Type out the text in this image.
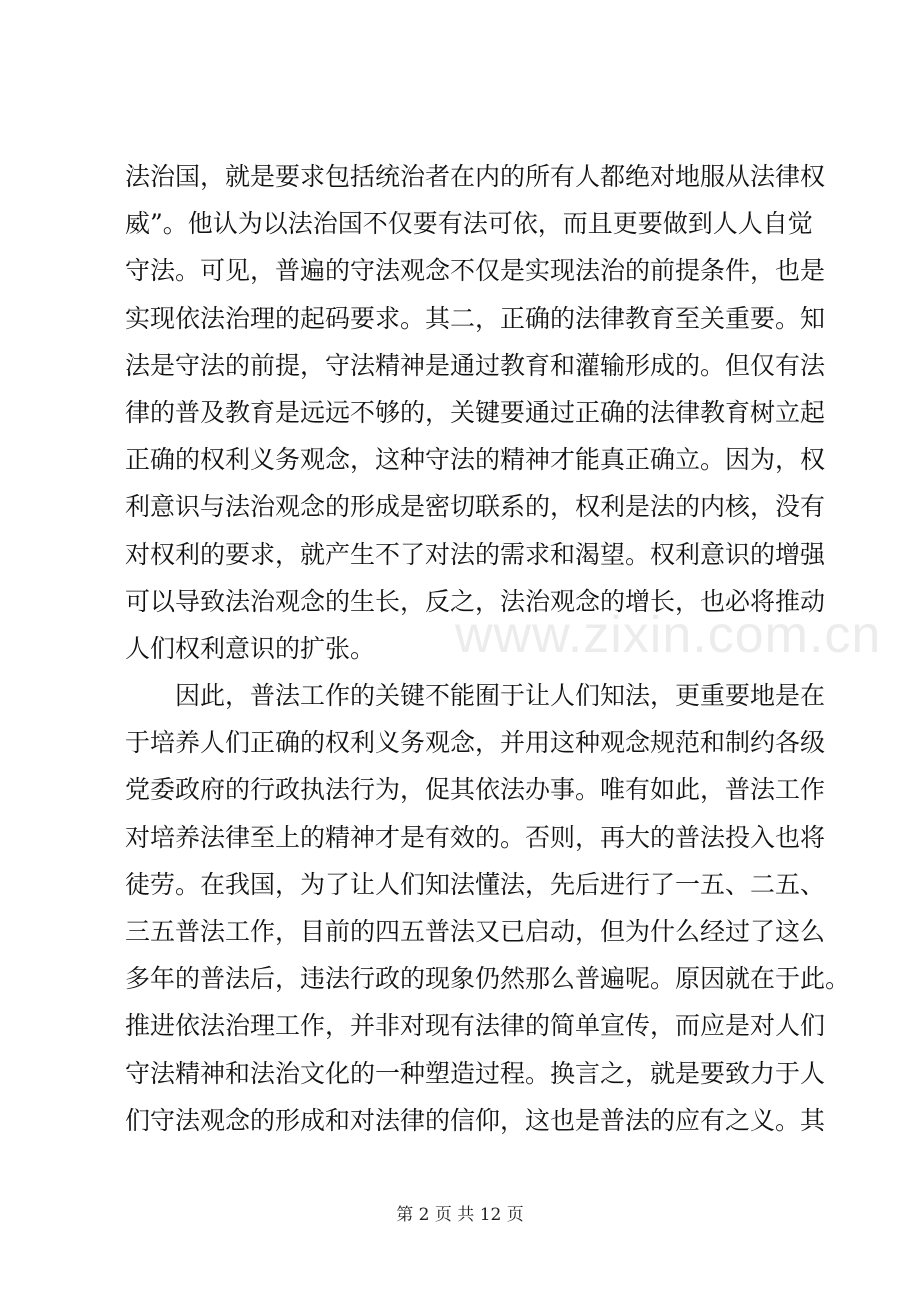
法治国，就是要求包括统治者在内的所有人都绝对地服从法律权
威”。他认为以法治国不仅要有法可依，而且更要做到人人自觉
守法。可见，普遍的守法观念不仅是实现法治的前提条件，也是
实现依法治理的起码要求。其二，正确的法律教育至关重要。知
法是守法的前提，守法精神是通过教育和灌输形成的。但仅有法
律的普及教育是远远不够的，关键要通过正确的法律教育树立起
正确的权利义务观念，这种守法的精神才能真正确立。因为，权
利意识与法治观念的形成是密切联系的，权利是法的内核，没有
对权利的要求，就产生不了对法的需求和渴望。权利意识的增强
可以导致法治观念的生长，反之，法治观念的增长，也必将推动
人们权利意识的扩张。
因此，普法工作的关键不能囿于让人们知法，更重要地是在
于培养人们正确的权利义务观念，并用这种观念规范和制约各级
党委政府的行政执法行为，促其依法办事。唯有如此，普法工作
对培养法律至上的精神才是有效的。否则，再大的普法投入也将
徒劳。在我国，为了让人们知法懂法，先后进行了一五、二五、
三五普法工作，目前的四五普法又已启动，但为什么经过了这么
多年的普法后，违法行政的现象仍然那么普遍呢。原因就在于此。
推进依法治理工作，并非对现有法律的简单宣传，而应是对人们
守法精神和法治文化的一种塑造过程。换言之，就是要致力于人
们守法观念的形成和对法律的信仰，这也是普法的应有之义。其
www.zixin.com.cn
第 2 页 共 12 页
